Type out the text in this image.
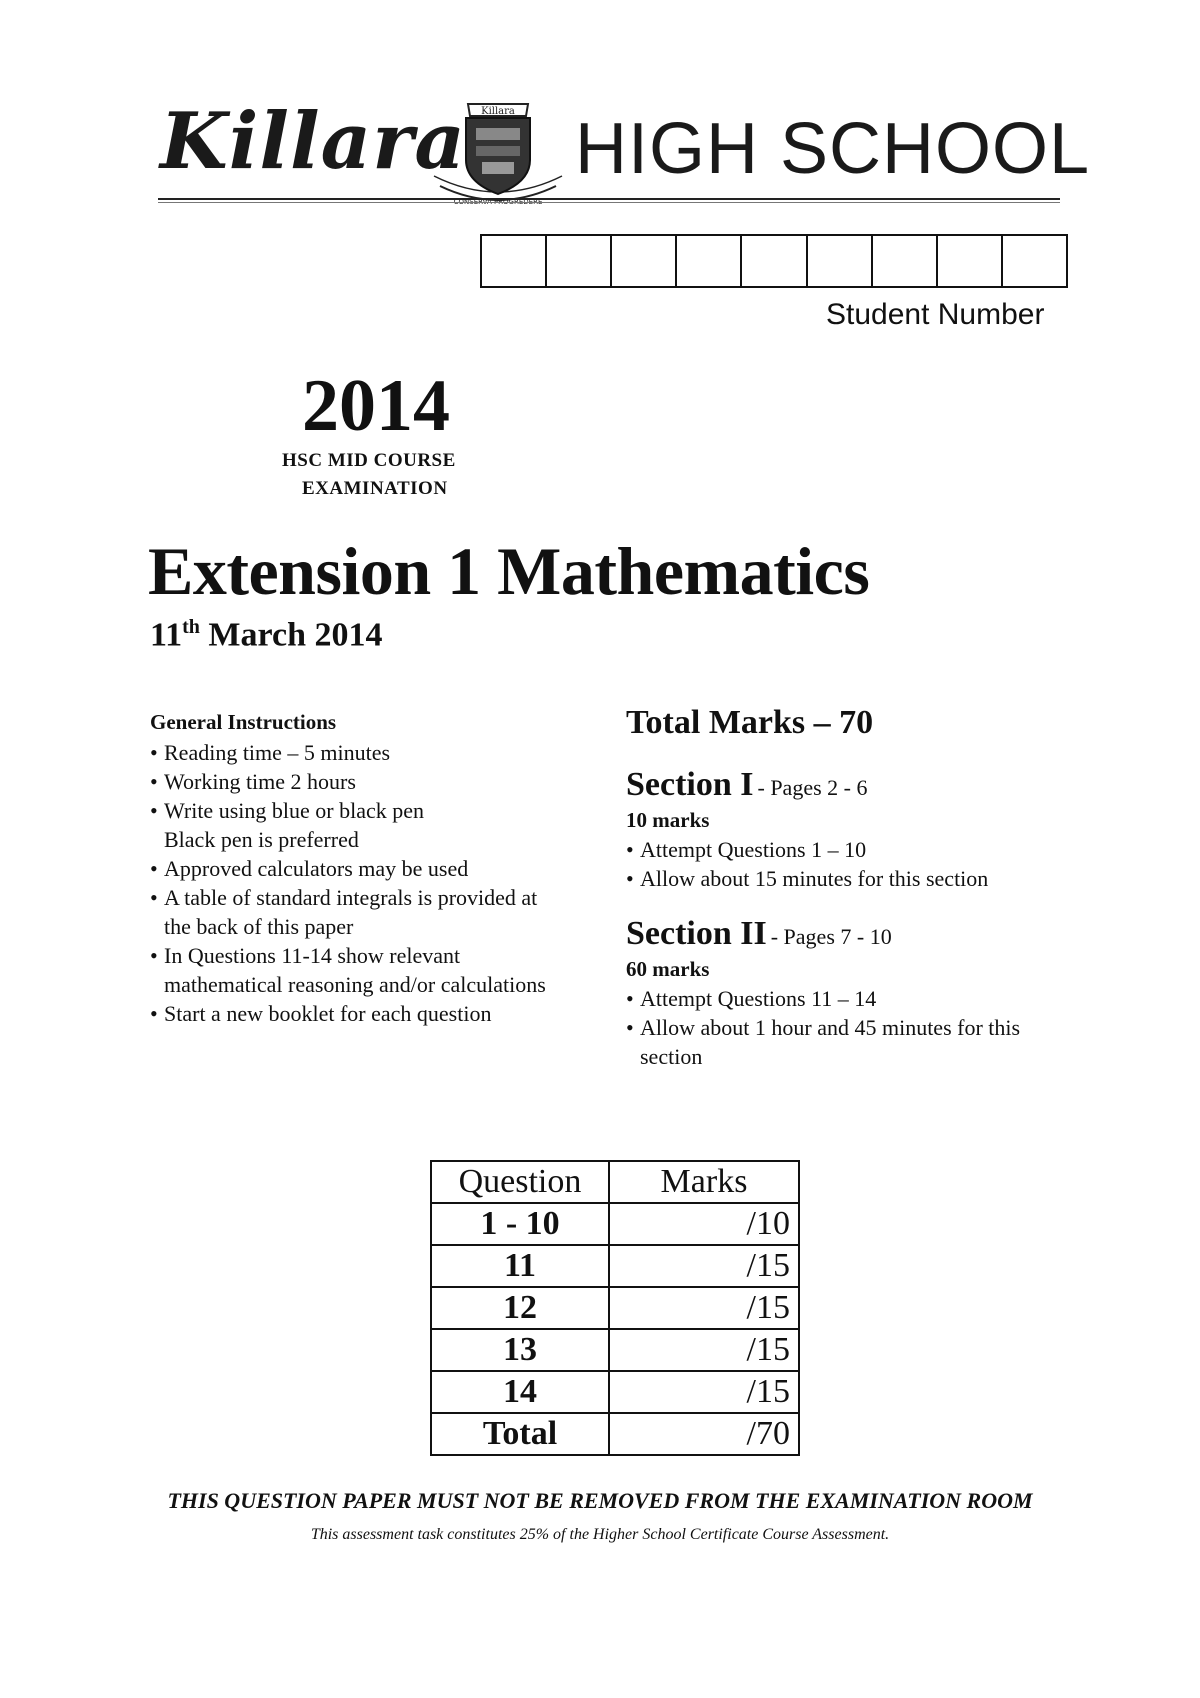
Killara Killara
CONSERVA PROGREDERE
HIGH SCHOOL
Student Number
2014
HSC MID COURSE
EXAMINATION
Extension 1 Mathematics
11th March 2014
General Instructions
• Reading time – 5 minutes
• Working time 2 hours
• Write using blue or black pen
Black pen is preferred
• Approved calculators may be used
• A table of standard integrals is provided at
the back of this paper
• In Questions 11-14 show relevant
mathematical reasoning and/or calculations
• Start a new booklet for each question
Total Marks – 70
Section I - Pages 2 - 6
10 marks
• Attempt Questions 1 – 10
• Allow about 15 minutes for this section
Section II - Pages 7 - 10
60 marks
• Attempt Questions 11 – 14
• Allow about 1 hour and 45 minutes for this section
Question	Marks
1 - 10	/10
11	/15
12	/15
13	/15
14	/15
Total	/70
THIS QUESTION PAPER MUST NOT BE REMOVED FROM THE EXAMINATION ROOM
This assessment task constitutes 25% of the Higher School Certificate Course Assessment.
